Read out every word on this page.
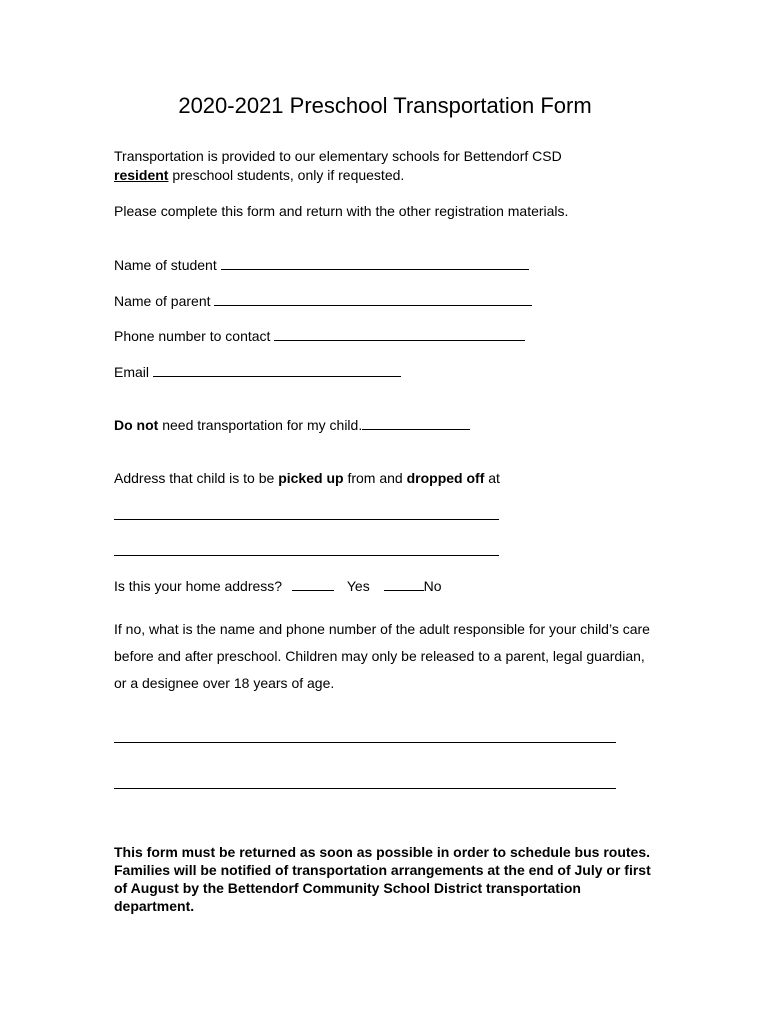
2020-2021 Preschool Transportation Form
Transportation is provided to our elementary schools for Bettendorf CSD
resident preschool students, only if requested.
Please complete this form and return with the other registration materials.
Name of student
Name of parent
Phone number to contact
Email
Do not need transportation for my child.
Address that child is to be picked up from and dropped off at
Is this your home address?	Yes	No
If no, what is the name and phone number of the adult responsible for your child’s care before and after preschool. Children may only be released to a parent, legal guardian, or a designee over 18 years of age.
This form must be returned as soon as possible in order to schedule bus routes. Families will be notified of transportation arrangements at the end of July or first of August by the Bettendorf Community School District transportation department.
